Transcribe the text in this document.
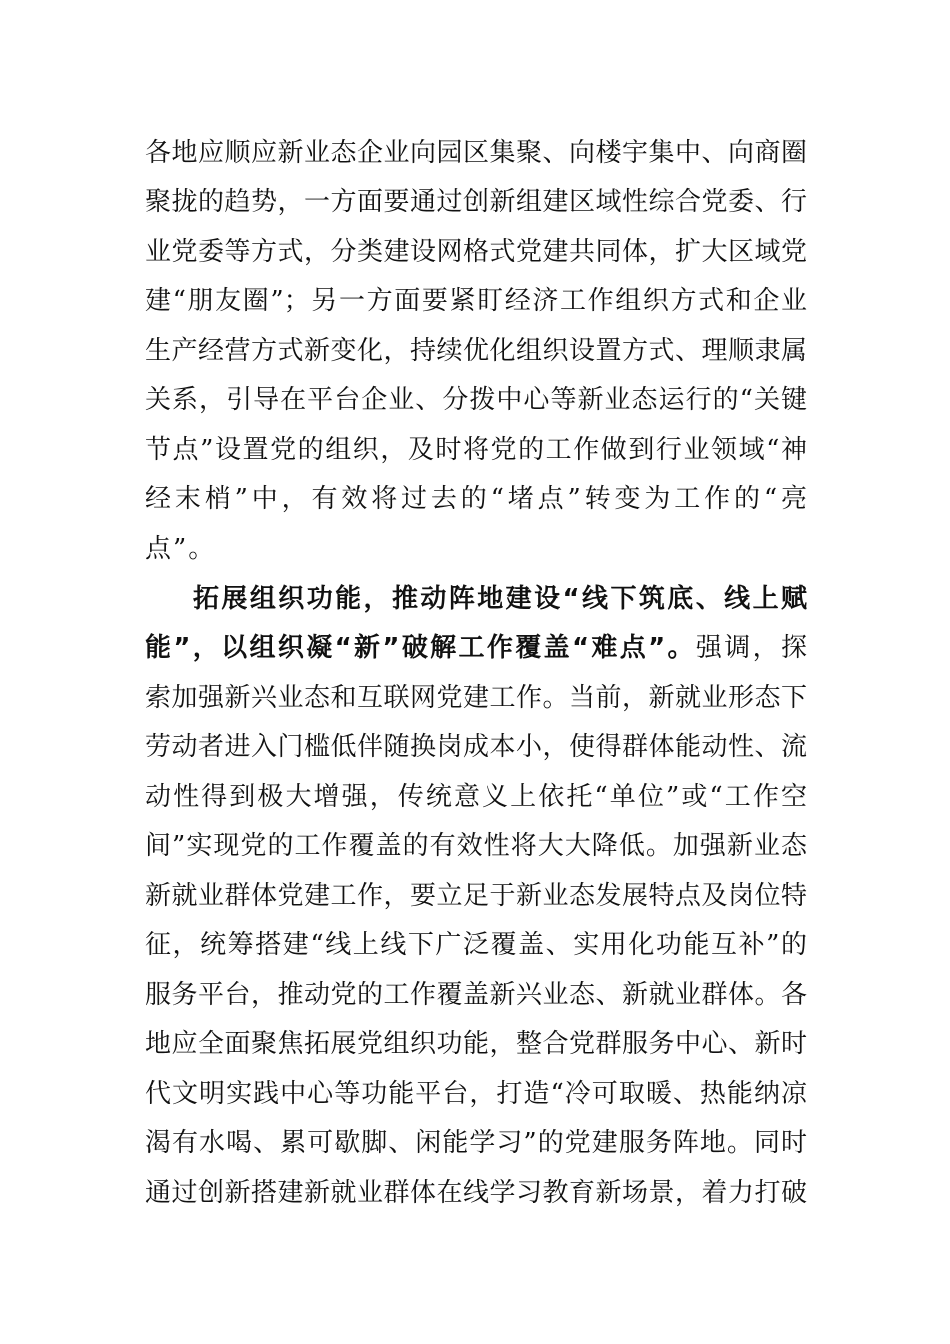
各地应顺应新业态企业向园区集聚、向楼宇集中、向商圈
聚拢的趋势，一方面要通过创新组建区域性综合党委、行
业党委等方式，分类建设网格式党建共同体，扩大区域党
建“朋友圈”；另一方面要紧盯经济工作组织方式和企业
生产经营方式新变化，持续优化组织设置方式、理顺隶属
关系，引导在平台企业、分拨中心等新业态运行的“关键
节点”设置党的组织，及时将党的工作做到行业领域“神
经末梢”中，有效将过去的“堵点”转变为工作的“亮
点”。
拓展组织功能，推动阵地建设“线下筑底、线上赋
能”，以组织凝“新”破解工作覆盖“难点”。强调，探
索加强新兴业态和互联网党建工作。当前，新就业形态下
劳动者进入门槛低伴随换岗成本小，使得群体能动性、流
动性得到极大增强，传统意义上依托“单位”或“工作空
间”实现党的工作覆盖的有效性将大大降低。加强新业态
新就业群体党建工作，要立足于新业态发展特点及岗位特
征，统筹搭建“线上线下广泛覆盖、实用化功能互补”的
服务平台，推动党的工作覆盖新兴业态、新就业群体。各
地应全面聚焦拓展党组织功能，整合党群服务中心、新时
代文明实践中心等功能平台，打造“冷可取暖、热能纳凉
渴有水喝、累可歇脚、闲能学习”的党建服务阵地。同时
通过创新搭建新就业群体在线学习教育新场景，着力打破
